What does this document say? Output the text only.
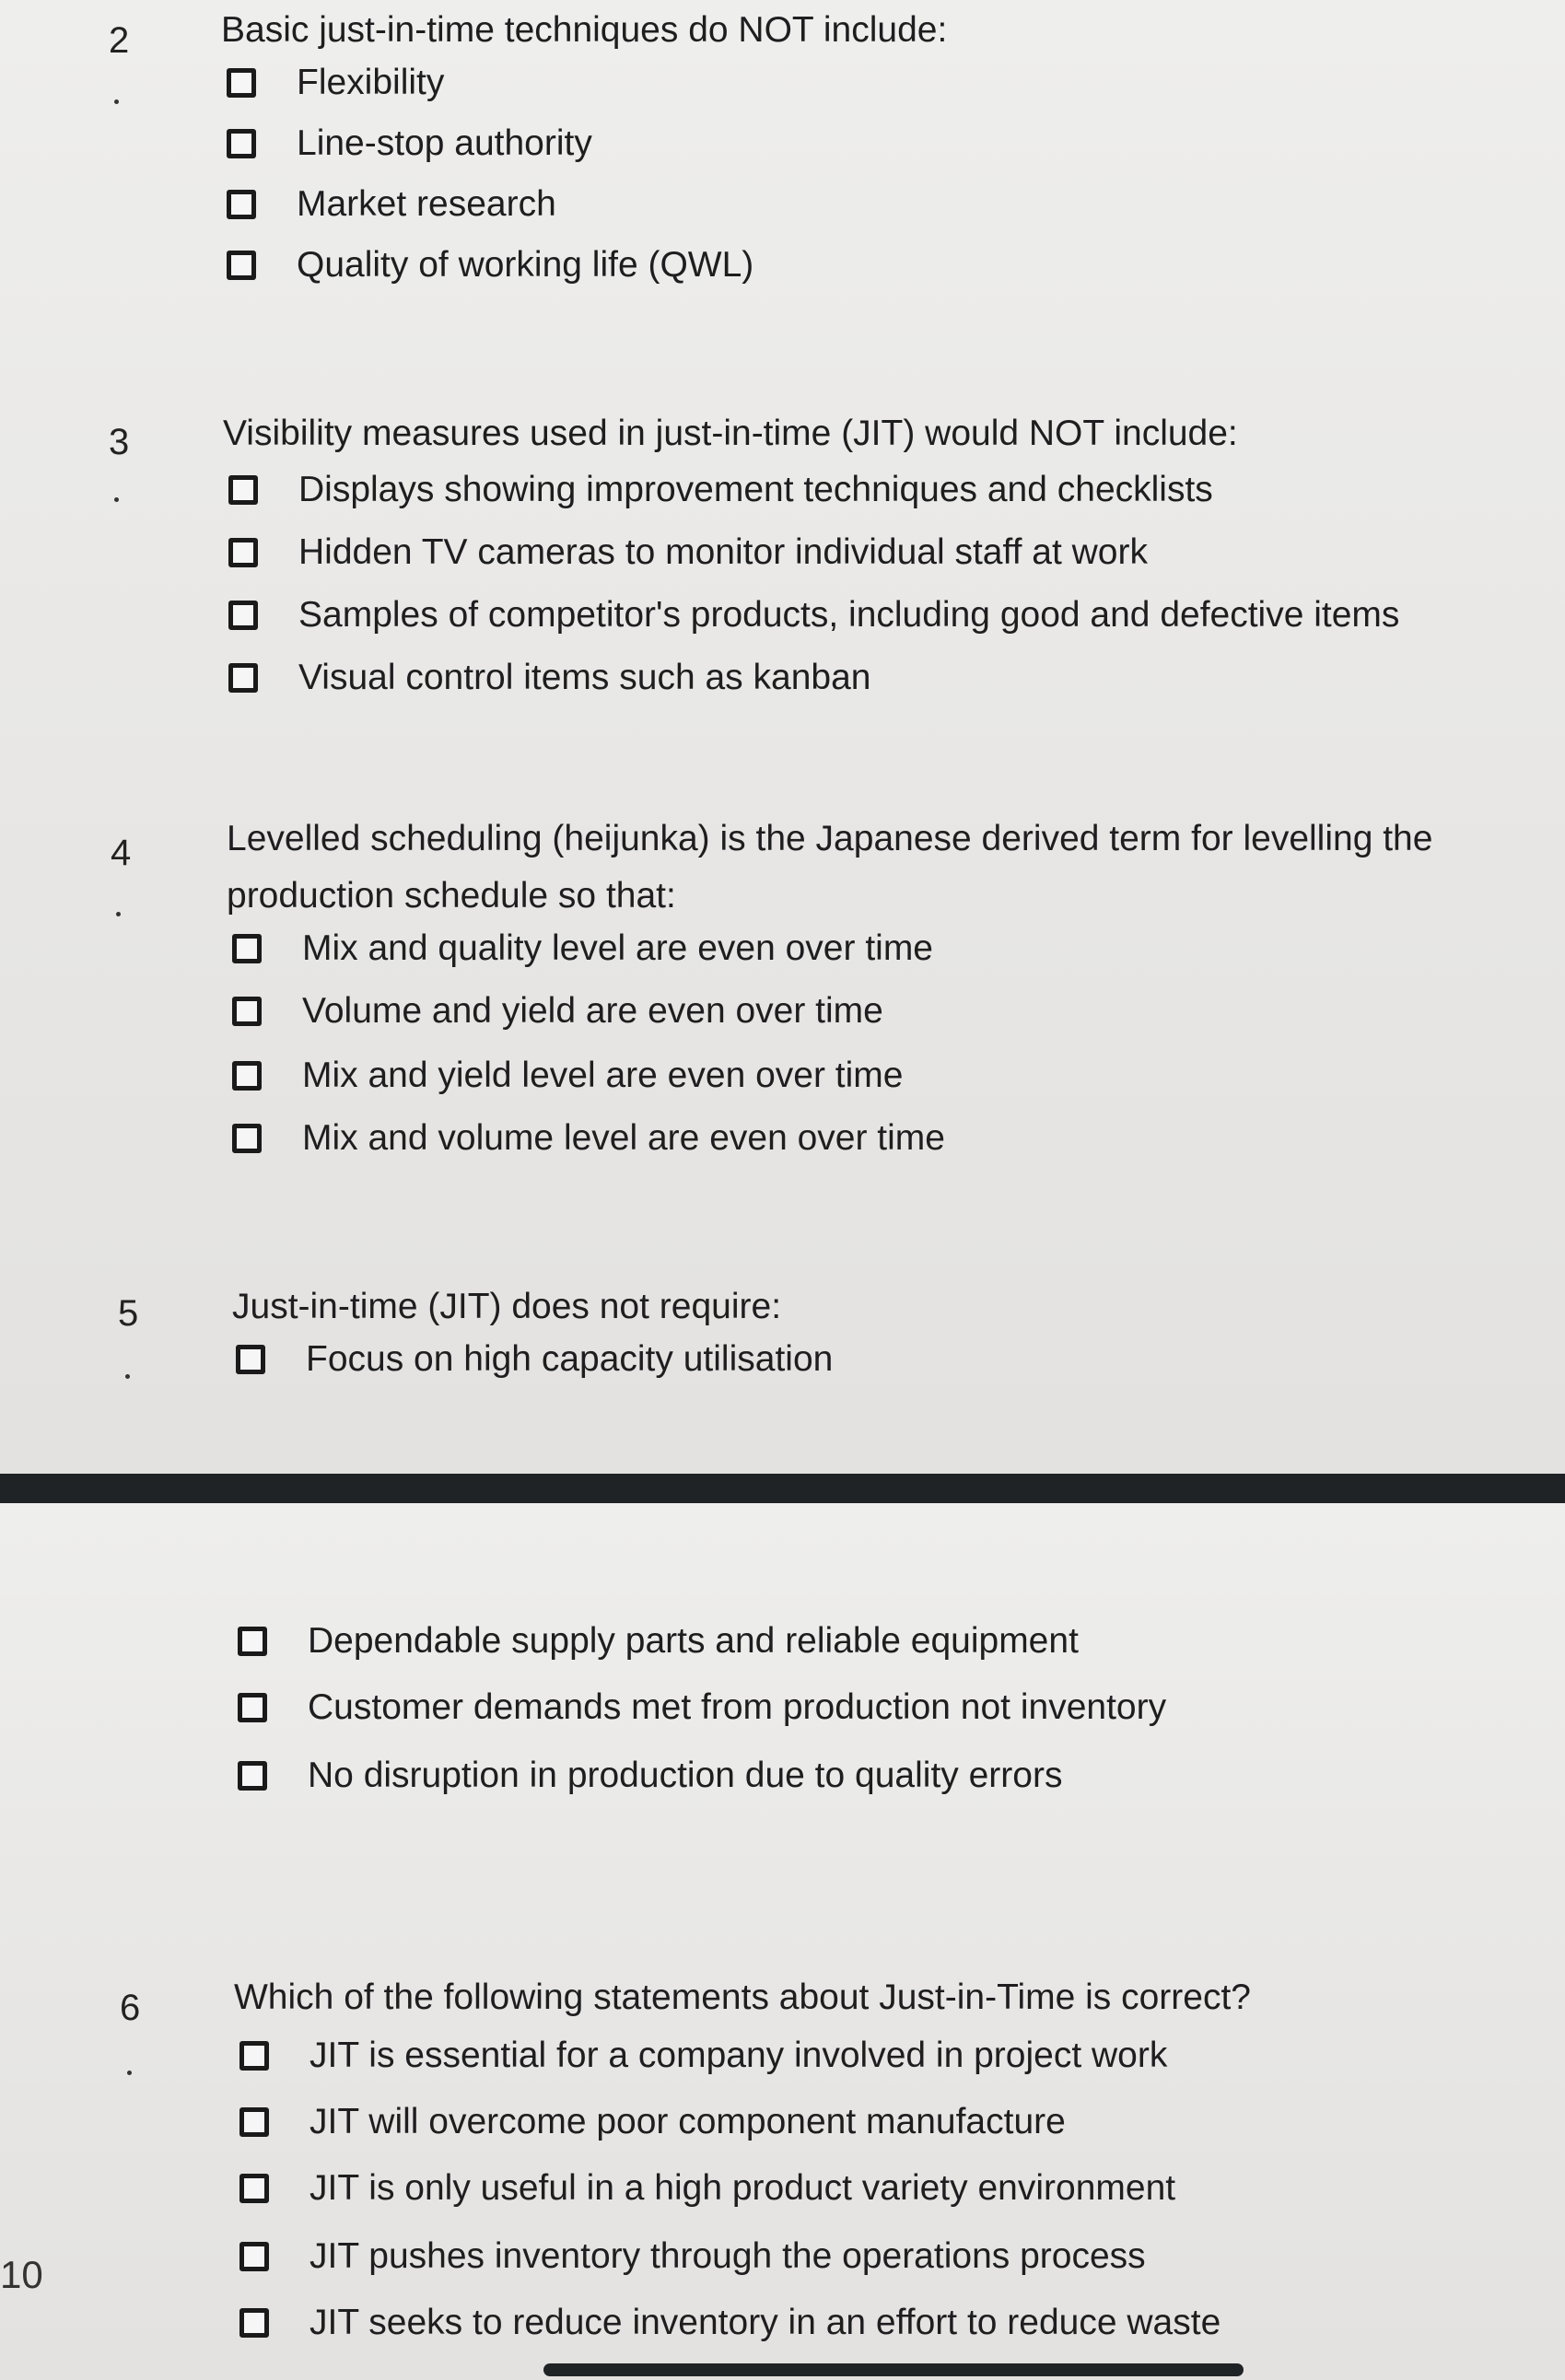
2	Basic just-in-time techniques do NOT include:
Flexibility
Line-stop authority
Market research
Quality of working life (QWL)
3	Visibility measures used in just-in-time (JIT) would NOT include:
Displays showing improvement techniques and checklists
Hidden TV cameras to monitor individual staff at work
Samples of competitor's products, including good and defective items
Visual control items such as kanban
4	Levelled scheduling (heijunka) is the Japanese derived term for levelling the
production schedule so that:
Mix and quality level are even over time
Volume and yield are even over time
Mix and yield level are even over time
Mix and volume level are even over time
5	Just-in-time (JIT) does not require:
Focus on high capacity utilisation
Dependable supply parts and reliable equipment
Customer demands met from production not inventory
No disruption in production due to quality errors
6	Which of the following statements about Just-in-Time is correct?
JIT is essential for a company involved in project work
JIT will overcome poor component manufacture
JIT is only useful in a high product variety environment
JIT pushes inventory through the operations process
JIT seeks to reduce inventory in an effort to reduce waste
10
